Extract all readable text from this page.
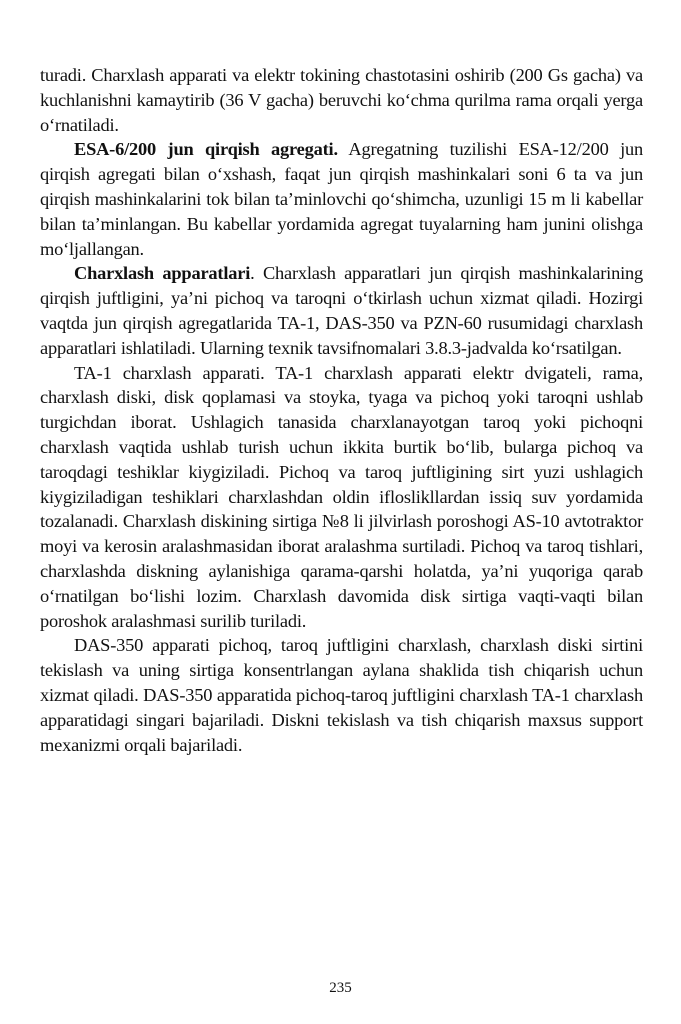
turadi. Charxlash apparati va elektr tokining chastotasini oshirib (200 Gs gacha) va kuchlanishni kamaytirib (36 V gacha) beruvchi ko‘chma qurilma rama orqali yerga o‘rnatiladi.

ESA-6/200 jun qirqish agregati. Agregatning tuzilishi ESA-12/200 jun qirqish agregati bilan o‘xshash, faqat jun qirqish mashinkalari soni 6 ta va jun qirqish mashinkalarini tok bilan ta’minlovchi qo‘shimcha, uzunligi 15 m li kabellar bilan ta’minlangan. Bu kabellar yordamida agregat tuyalarning ham junini olishga mo‘ljallangan.

Charxlash apparatlari. Charxlash apparatlari jun qirqish mashinkalarining qirqish juftligini, ya’ni pichoq va taroqni o‘tkirlash uchun xizmat qiladi. Hozirgi vaqtda jun qirqish agregatlarida TA-1, DAS-350 va PZN-60 rusumidagi charxlash apparatlari ishlatiladi. Ularning texnik tavsifnomalari 3.8.3-jadvalda ko‘rsatilgan.

TA-1 charxlash apparati. TA-1 charxlash apparati elektr dvigateli, rama, charxlash diski, disk qoplamasi va stoyka, tyaga va pichoq yoki taroqni ushlab turgichdan iborat. Ushlagich tanasida charxlanayotgan taroq yoki pichoqni charxlash vaqtida ushlab turish uchun ikkita burtik bo‘lib, bularga pichoq va taroqdagi teshiklar kiygiziladi. Pichoq va taroq juftligining sirt yuzi ushlagich kiygiziladigan teshiklari charxlashdan oldin ifloslikllardan issiq suv yordamida tozalanadi. Charxlash diskining sirtiga №8 li jilvirlash poroshogi AS-10 avtotraktor moyi va kerosin aralashmasidan iborat aralashma surtiladi. Pichoq va taroq tishlari, charxlashda diskning aylanishiga qarama-qarshi holatda, ya’ni yuqoriga qarab o‘rnatilgan bo‘lishi lozim. Charxlash davomida disk sirtiga vaqti-vaqti bilan poroshok aralashmasi surilib turiladi.

DAS-350 apparati pichoq, taroq juftligini charxlash, charxlash diski sirtini tekislash va uning sirtiga konsentrlangan aylana shaklida tish chiqarish uchun xizmat qiladi. DAS-350 apparatida pichoq-taroq juftligini charxlash TA-1 charxlash apparatidagi singari bajariladi. Diskni tekislash va tish chiqarish maxsus support mexanizmi orqali bajariladi.

235
